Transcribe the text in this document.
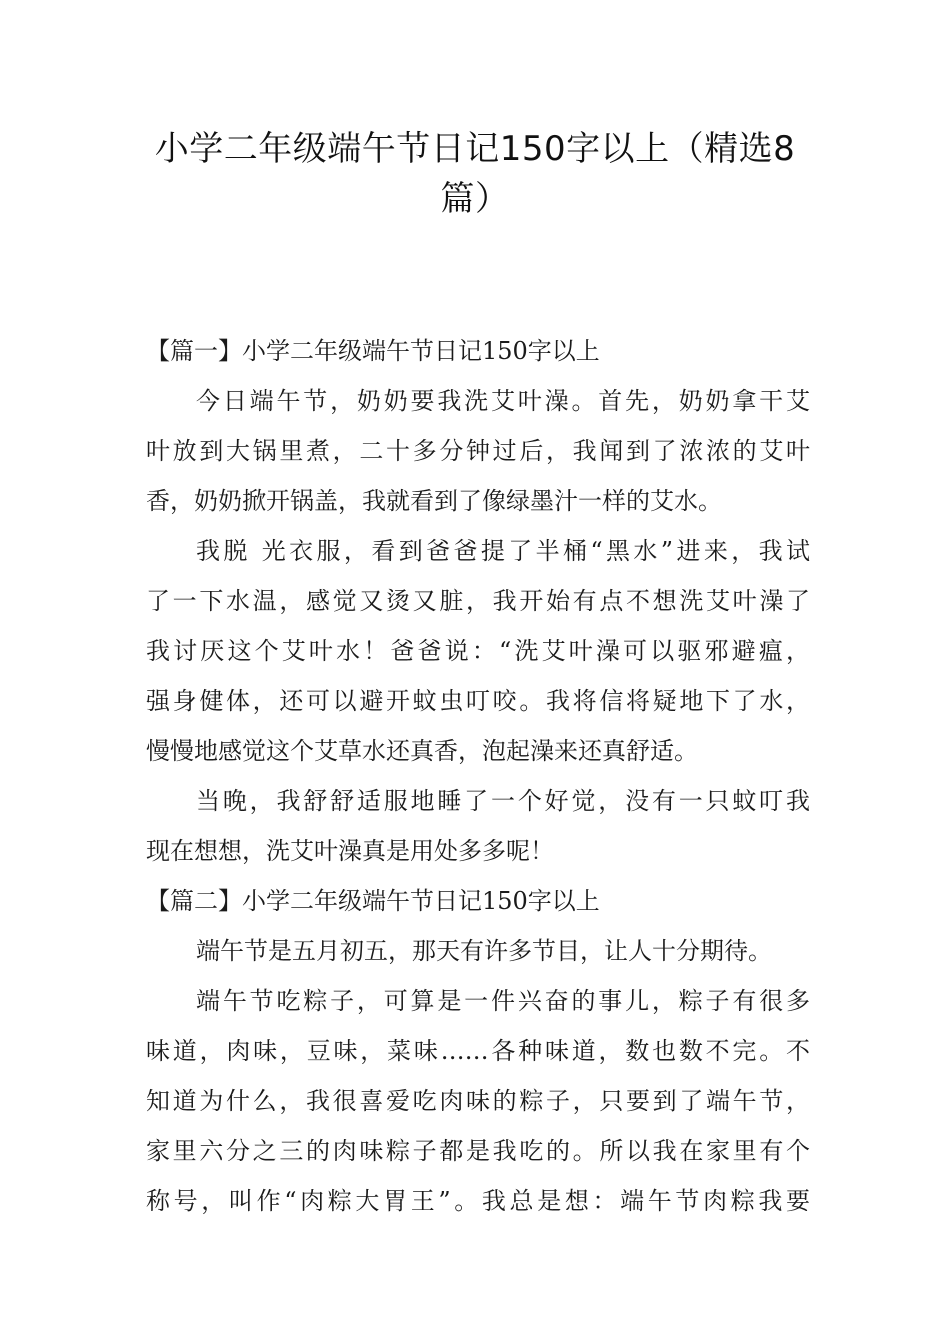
小学二年级端午节日记150字以上（精选8
篇）
【篇一】小学二年级端午节日记150字以上
今日端午节，奶奶要我洗艾叶澡。首先，奶奶拿干艾
叶放到大锅里煮，二十多分钟过后，我闻到了浓浓的艾叶
香，奶奶掀开锅盖，我就看到了像绿墨汁一样的艾水。
我脱 光衣服，看到爸爸提了半桶“黑水”进来，我试
了一下水温，感觉又烫又脏，我开始有点不想洗艾叶澡了
我讨厌这个艾叶水！爸爸说：“洗艾叶澡可以驱邪避瘟，
强身健体，还可以避开蚊虫叮咬。我将信将疑地下了水，
慢慢地感觉这个艾草水还真香，泡起澡来还真舒适。
当晚，我舒舒适服地睡了一个好觉，没有一只蚊叮我
现在想想，洗艾叶澡真是用处多多呢！
【篇二】小学二年级端午节日记150字以上
端午节是五月初五，那天有许多节目，让人十分期待。
端午节吃粽子，可算是一件兴奋的事儿，粽子有很多
味道，肉味，豆味，菜味……各种味道，数也数不完。不
知道为什么，我很喜爱吃肉味的粽子，只要到了端午节，
家里六分之三的肉味粽子都是我吃的。所以我在家里有个
称号，叫作“肉粽大胃王”。我总是想：端午节肉粽我要
